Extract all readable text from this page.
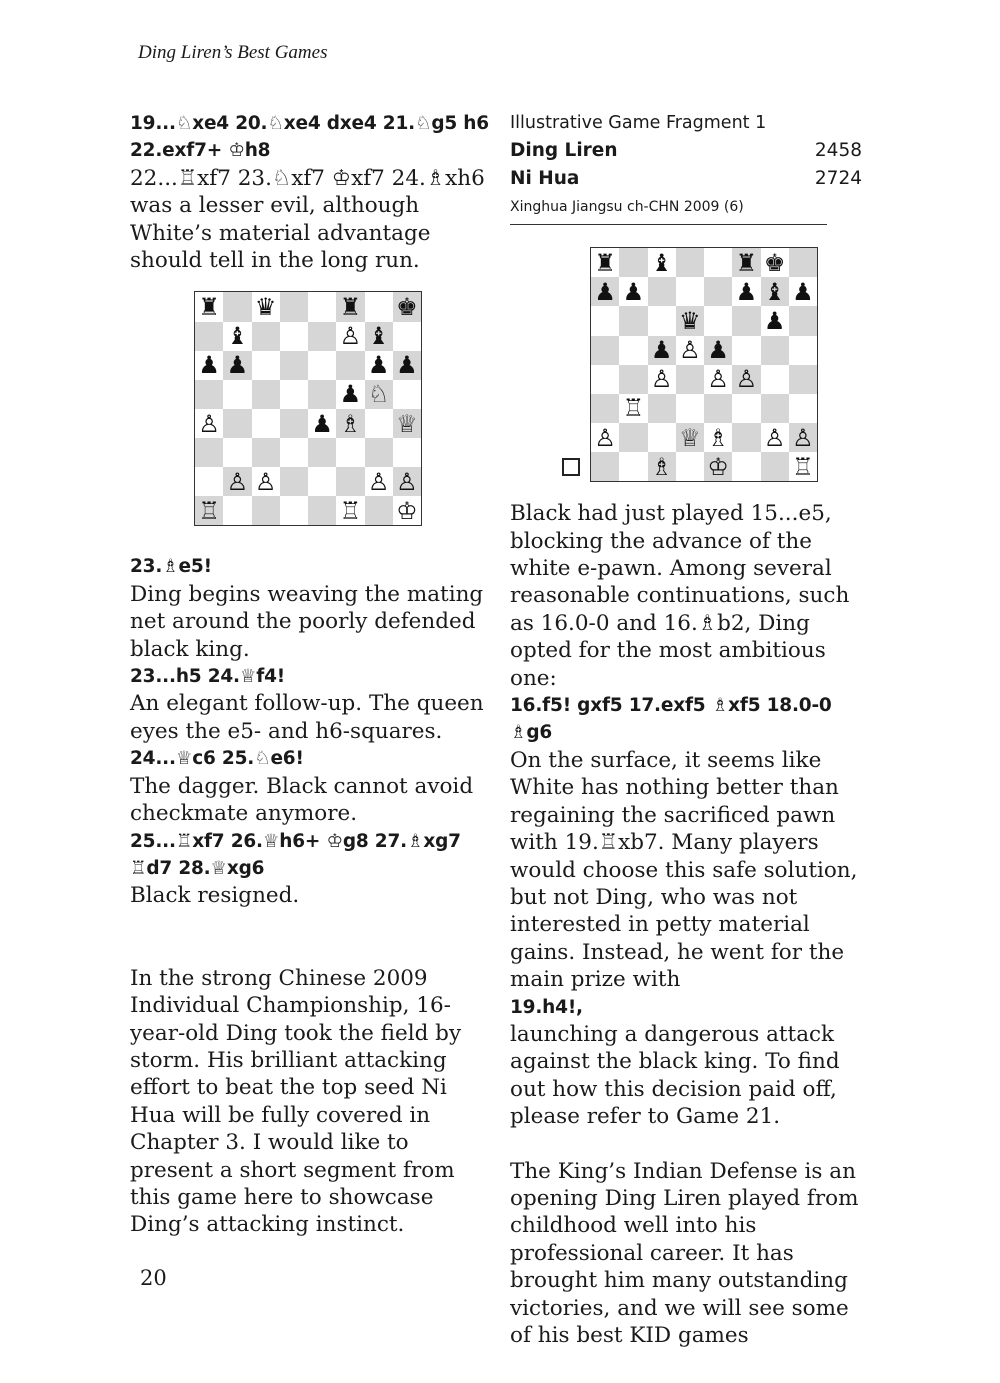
Ding Liren’s Best Games

19...♘xe4 20.♘xe4 dxe4 21.♘g5 h6

22.exf7+ ♔h8

22...♖xf7 23.♘xf7 ♔xf7 24.♗xh6 was a lesser evil, although White’s material advantage should tell in the long run.

♜ ♛	♜ ♚
♝	♙ ♝
♟ ♟	♟ ♟
♟ ♘
♙	♟ ♗ ♕
♙ ♙	♙ ♙
♖	♖ ♔

23.♗e5!

Ding begins weaving the mating net around the poorly defended black king.

23...h5 24.♕f4!

An elegant follow-up. The queen eyes the e5- and h6-squares.

24...♕c6 25.♘e6!

The dagger. Black cannot avoid checkmate anymore.

25...♖xf7 26.♕h6+ ♔g8 27.♗xg7

♖d7 28.♕xg6

Black resigned.

In the strong Chinese 2009 Individual Championship, 16-year-old Ding took the field by storm. His brilliant attacking effort to beat the top seed Ni Hua will be fully covered in Chapter 3. I would like to present a short segment from this game here to showcase Ding’s attacking instinct.

Illustrative Game Fragment 1
Ding Liren	2458
Ni Hua	2724
Xinghua Jiangsu ch-CHN 2009 (6)
♜ ♝	♜ ♚
♟ ♟	♟ ♝ ♟
♛	♟
♟ ♙ ♟
♙ ♙ ♙
♖
♙	♕ ♗ ♙ ♙
♗ ♔	♖

Black had just played 15...e5, blocking the advance of the white e-pawn. Among several reasonable continuations, such as 16.0-0 and 16.♗b2, Ding opted for the most ambitious one:

16.f5! gxf5 17.exf5 ♗xf5 18.0-0 ♗g6

On the surface, it seems like White has nothing better than regaining the sacrificed pawn with 19.♖xb7. Many players would choose this safe solution, but not Ding, who was not interested in petty material gains. Instead, he went for the main prize with

19.h4!,

launching a dangerous attack against the black king. To find out how this decision paid off, please refer to Game 21.

The King’s Indian Defense is an opening Ding Liren played from childhood well into his professional career. It has brought him many outstanding victories, and we will see some of his best KID games

20
